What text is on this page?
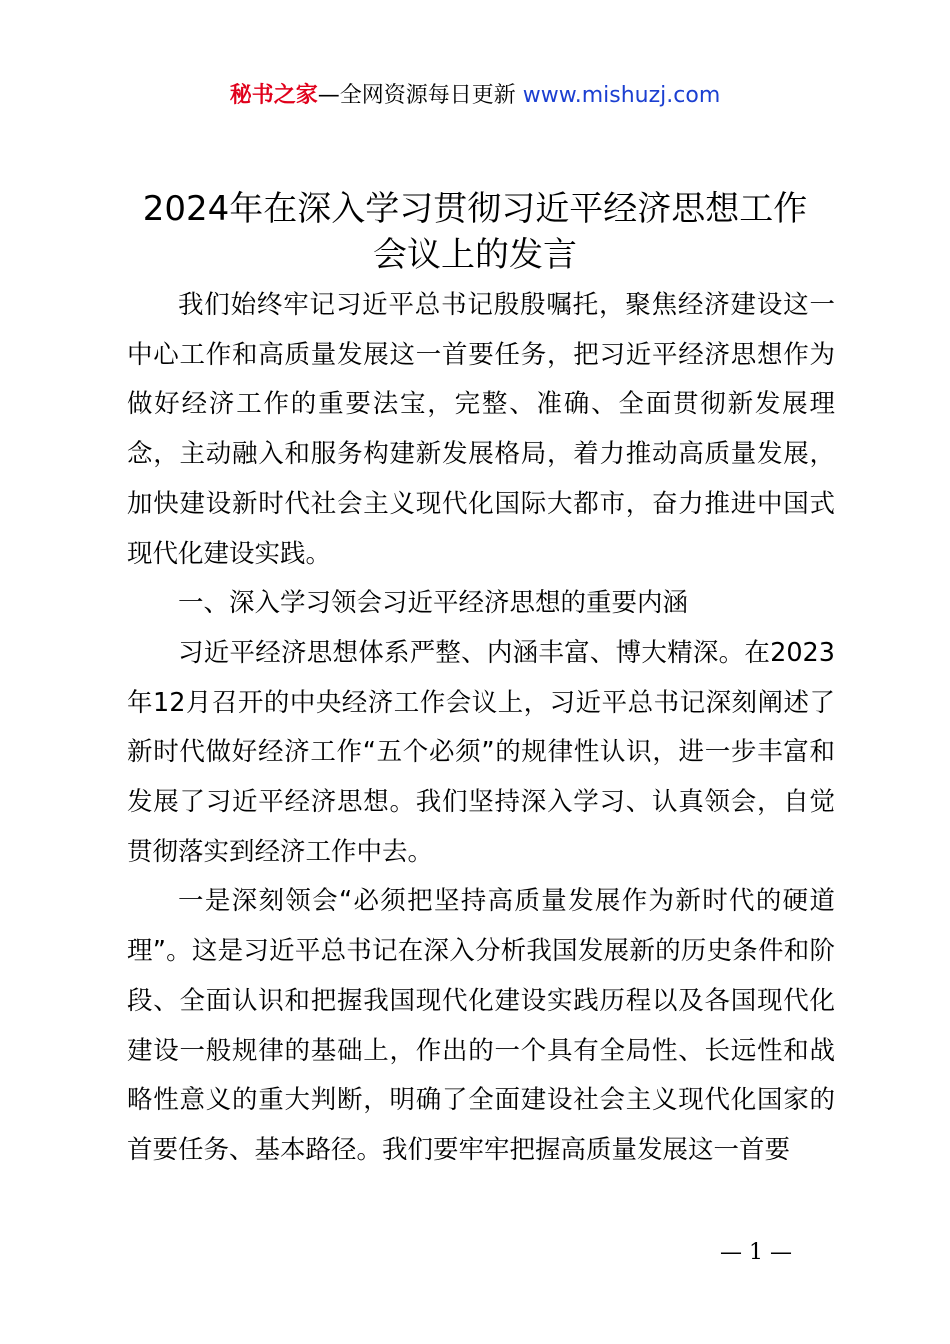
秘书之家—全网资源每日更新 www.mishuzj.com
2024年在深入学习贯彻习近平经济思想工作
会议上的发言

我们始终牢记习近平总书记殷殷嘱托，聚焦经济建设这一中心工作和高质量发展这一首要任务，把习近平经济思想作为做好经济工作的重要法宝，完整、准确、全面贯彻新发展理念，主动融入和服务构建新发展格局，着力推动高质量发展，加快建设新时代社会主义现代化国际大都市，奋力推进中国式现代化建设实践。

一、深入学习领会习近平经济思想的重要内涵

习近平经济思想体系严整、内涵丰富、博大精深。在2023年12月召开的中央经济工作会议上，习近平总书记深刻阐述了新时代做好经济工作“五个必须”的规律性认识，进一步丰富和发展了习近平经济思想。我们坚持深入学习、认真领会，自觉贯彻落实到经济工作中去。

一是深刻领会“必须把坚持高质量发展作为新时代的硬道理”。这是习近平总书记在深入分析我国发展新的历史条件和阶段、全面认识和把握我国现代化建设实践历程以及各国现代化建设一般规律的基础上，作出的一个具有全局性、长远性和战略性意义的重大判断，明确了全面建设社会主义现代化国家的首要任务、基本路径。我们要牢牢把握高质量发展这一首要

— 1 —
